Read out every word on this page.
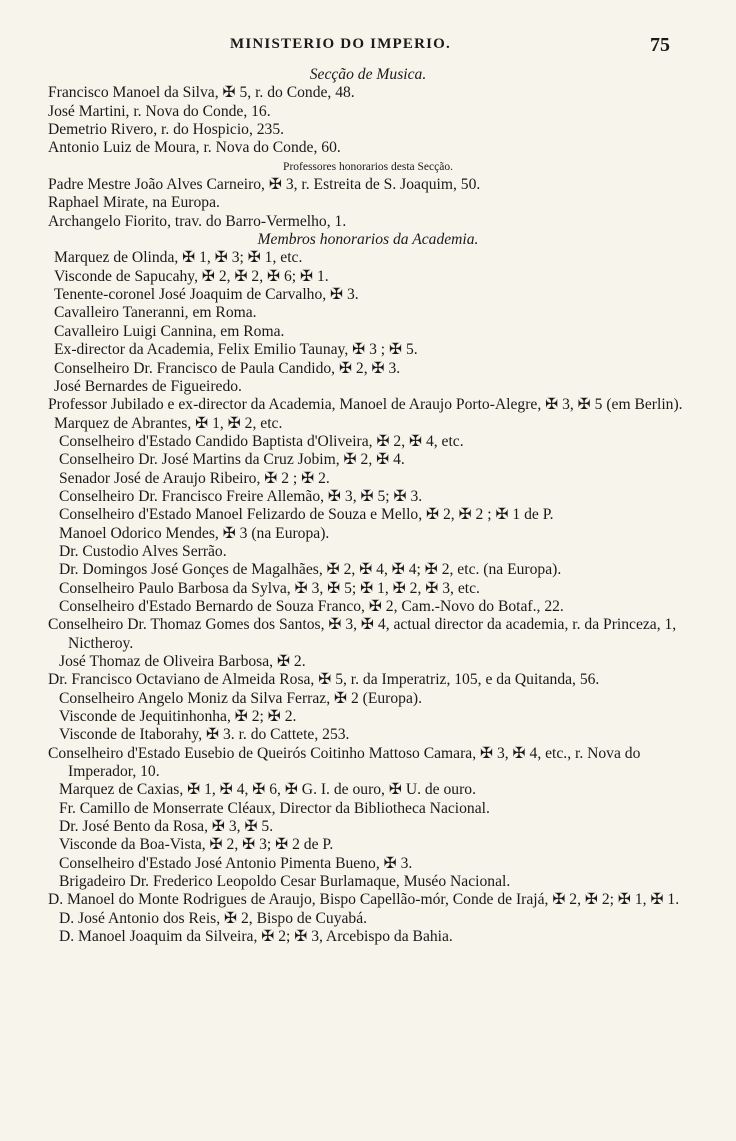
MINISTERIO DO IMPERIO.	75
Secção de Musica.
Francisco Manoel da Silva, ✠ 5, r. do Conde, 48.
José Martini, r. Nova do Conde, 16.
Demetrio Rivero, r. do Hospicio, 235.
Antonio Luiz de Moura, r. Nova do Conde, 60.
Professores honorarios desta Secção.
Padre Mestre João Alves Carneiro, ✠ 3, r. Estreita de S. Joaquim, 50.
Raphael Mirate, na Europa.
Archangelo Fiorito, trav. do Barro-Vermelho, 1.
Membros honorarios da Academia.
Marquez de Olinda, ✠ 1, ✠ 3; ✠ 1, etc.
Visconde de Sapucahy, ✠ 2, ✠ 2, ✠ 6; ✠ 1.
Tenente-coronel José Joaquim de Carvalho, ✠ 3.
Cavalleiro Taneranni, em Roma.
Cavalleiro Luigi Cannina, em Roma.
Ex-director da Academia, Felix Emilio Taunay, ✠ 3 ; ✠ 5.
Conselheiro Dr. Francisco de Paula Candido, ✠ 2, ✠ 3.
José Bernardes de Figueiredo.
Professor Jubilado e ex-director da Academia, Manoel de Araujo Porto-Alegre, ✠ 3, ✠ 5 (em Berlin).
Marquez de Abrantes, ✠ 1, ✠ 2, etc.
Conselheiro d'Estado Candido Baptista d'Oliveira, ✠ 2, ✠ 4, etc.
Conselheiro Dr. José Martins da Cruz Jobim, ✠ 2, ✠ 4.
Senador José de Araujo Ribeiro, ✠ 2 ; ✠ 2.
Conselheiro Dr. Francisco Freire Allemão, ✠ 3, ✠ 5; ✠ 3.
Conselheiro d'Estado Manoel Felizardo de Souza e Mello, ✠ 2, ✠ 2 ; ✠ 1 de P.
Manoel Odorico Mendes, ✠ 3 (na Europa).
Dr. Custodio Alves Serrão.
Dr. Domingos José Gonçes de Magalhães, ✠ 2, ✠ 4, ✠ 4; ✠ 2, etc. (na Europa).
Conselheiro Paulo Barbosa da Sylva, ✠ 3, ✠ 5; ✠ 1, ✠ 2, ✠ 3, etc.
Conselheiro d'Estado Bernardo de Souza Franco, ✠ 2, Cam.-Novo do Botaf., 22.
Conselheiro Dr. Thomaz Gomes dos Santos, ✠ 3, ✠ 4, actual director da academia, r. da Princeza, 1, Nictheroy.
José Thomaz de Oliveira Barbosa, ✠ 2.
Dr. Francisco Octaviano de Almeida Rosa, ✠ 5, r. da Imperatriz, 105, e da Quitanda, 56.
Conselheiro Angelo Moniz da Silva Ferraz, ✠ 2 (Europa).
Visconde de Jequitinhonha, ✠ 2; ✠ 2.
Visconde de Itaborahy, ✠ 3. r. do Cattete, 253.
Conselheiro d'Estado Eusebio de Queirós Coitinho Mattoso Camara, ✠ 3, ✠ 4, etc., r. Nova do Imperador, 10.
Marquez de Caxias, ✠ 1, ✠ 4, ✠ 6, ✠ G. I. de ouro, ✠ U. de ouro.
Fr. Camillo de Monserrate Cléaux, Director da Bibliotheca Nacional.
Dr. José Bento da Rosa, ✠ 3, ✠ 5.
Visconde da Boa-Vista, ✠ 2, ✠ 3; ✠ 2 de P.
Conselheiro d'Estado José Antonio Pimenta Bueno, ✠ 3.
Brigadeiro Dr. Frederico Leopoldo Cesar Burlamaque, Muséo Nacional.
D. Manoel do Monte Rodrigues de Araujo, Bispo Capellão-mór, Conde de Irajá, ✠ 2, ✠ 2; ✠ 1, ✠ 1.
D. José Antonio dos Reis, ✠ 2, Bispo de Cuyabá.
D. Manoel Joaquim da Silveira, ✠ 2; ✠ 3, Arcebispo da Bahia.
